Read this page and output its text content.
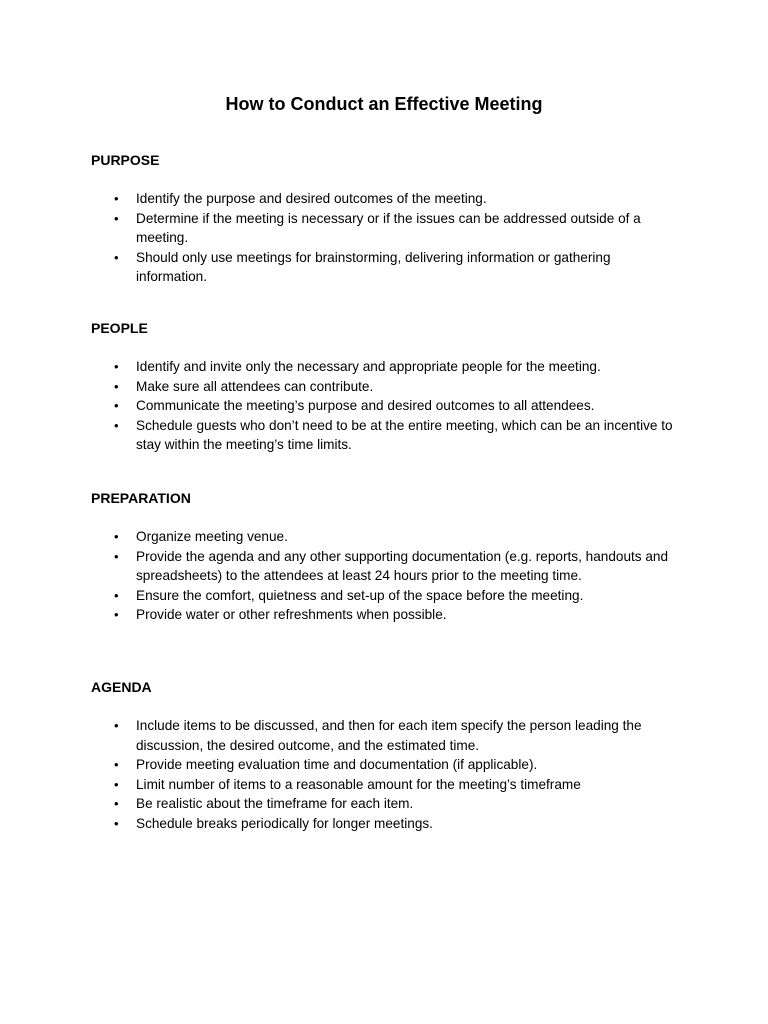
How to Conduct an Effective Meeting
PURPOSE
• Identify the purpose and desired outcomes of the meeting.
• Determine if the meeting is necessary or if the issues can be addressed outside of a meeting.
• Should only use meetings for brainstorming, delivering information or gathering information.
PEOPLE
• Identify and invite only the necessary and appropriate people for the meeting.
• Make sure all attendees can contribute.
• Communicate the meeting’s purpose and desired outcomes to all attendees.
• Schedule guests who don’t need to be at the entire meeting, which can be an incentive to stay within the meeting’s time limits.
PREPARATION
• Organize meeting venue.
• Provide the agenda and any other supporting documentation (e.g. reports, handouts and spreadsheets) to the attendees at least 24 hours prior to the meeting time.
• Ensure the comfort, quietness and set-up of the space before the meeting.
• Provide water or other refreshments when possible.
AGENDA
• Include items to be discussed, and then for each item specify the person leading the discussion, the desired outcome, and the estimated time.
• Provide meeting evaluation time and documentation (if applicable).
• Limit number of items to a reasonable amount for the meeting’s timeframe
• Be realistic about the timeframe for each item.
• Schedule breaks periodically for longer meetings.
